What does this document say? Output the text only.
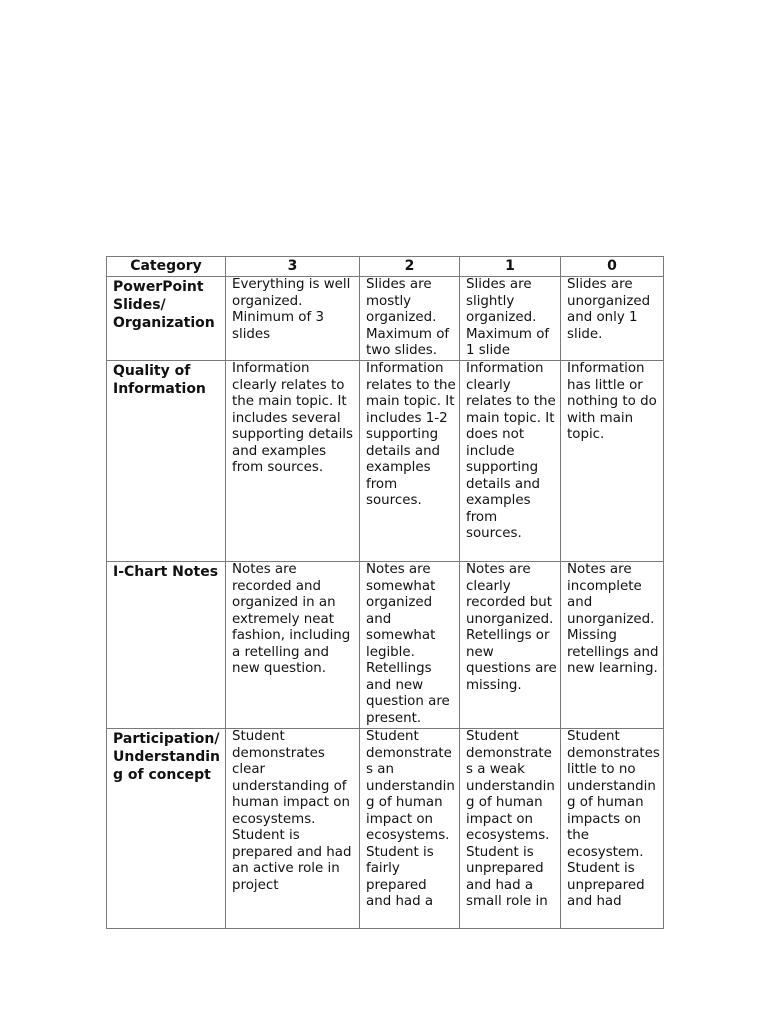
Category	3	2	1	0
PowerPoint Slides/ Organization	Everything is well organized. Minimum of 3 slides	Slides are mostly organized. Maximum of two slides.	Slides are slightly organized. Maximum of 1 slide	Slides are unorganized and only 1 slide.
Quality of Information	Information clearly relates to the main topic. It includes several supporting details and examples from sources.	Information relates to the main topic. It includes 1-2 supporting details and examples from sources.	Information clearly relates to the main topic. It does not include supporting details and examples from sources.	Information has little or nothing to do with main topic.
I-Chart Notes	Notes are recorded and organized in an extremely neat fashion, including a retelling and new question.	Notes are somewhat organized and somewhat legible. Retellings and new question are present.	Notes are clearly recorded but unorganized. Retellings or new questions are missing.	Notes are incomplete and unorganized. Missing retellings and new learning.
Participation/ Understanding of concept	Student demonstrates clear understanding of human impact on ecosystems. Student is prepared and had an active role in project	Student demonstrates an understanding of human impact on ecosystems. Student is fairly prepared and had a	Student demonstrates a weak understanding of human impact on ecosystems. Student is unprepared and had a small role in	Student demonstrates little to no understanding of human impacts on the ecosystem. Student is unprepared and had
